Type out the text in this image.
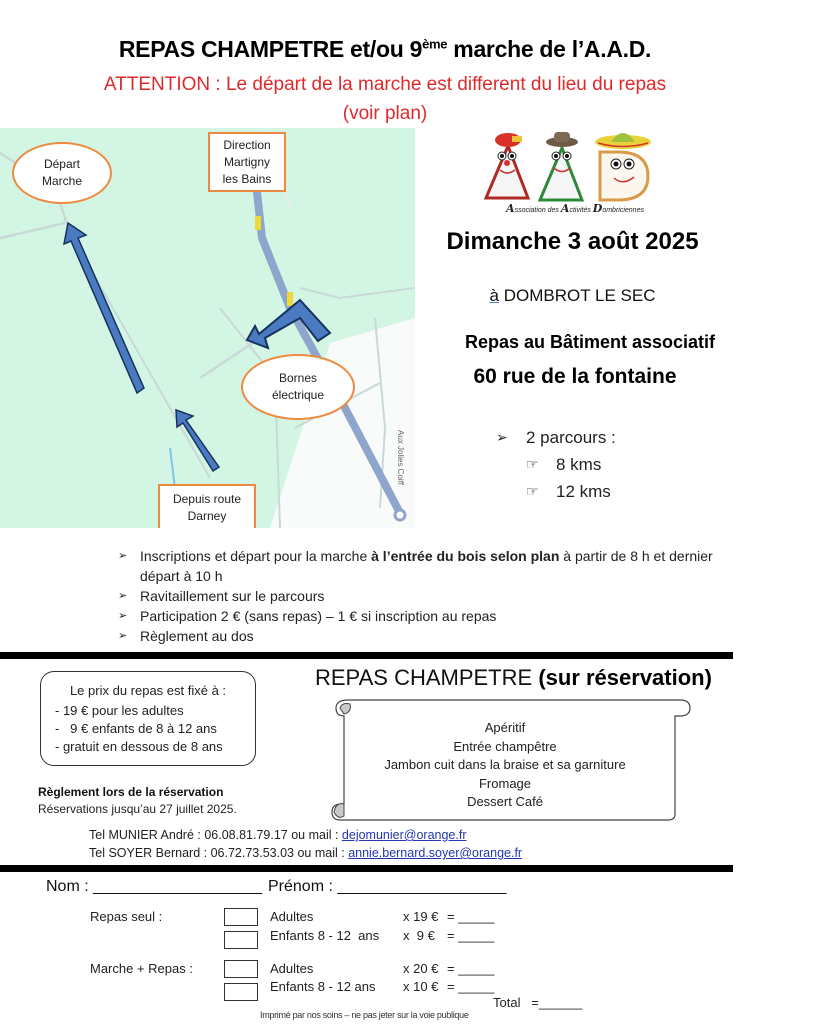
REPAS CHAMPETRE et/ou 9ème marche de l’A.A.D.
ATTENTION : Le départ de la marche est different du lieu du repas
(voir plan)
Départ
Marche
Direction
Martigny
les Bains
Bornes
électrique
Depuis route
Darney
Aux Jolies Coiff
Association des Activités Dombriciennes
Dimanche 3 août 2025
à DOMBROT LE SEC
Repas au Bâtiment associatif
60 rue de la fontaine
➢	2 parcours :
☞	8 kms
☞	12 kms
➢ Inscriptions et départ pour la marche à l’entrée du bois selon plan à partir de 8 h et dernier départ à 10 h
➢ Ravitaillement sur le parcours
➢ Participation 2 € (sans repas) – 1 € si inscription au repas
➢ Règlement au dos
Le prix du repas est fixé à :
- 19 € pour les adultes
-   9 € enfants de 8 à 12 ans
- gratuit en dessous de 8 ans
Règlement lors de la réservation
Réservations jusqu’au 27 juillet 2025.
REPAS CHAMPETRE (sur réservation)
Apéritif
Entrée champêtre
Jambon cuit dans la braise et sa garniture
Fromage
Dessert Café
Tel MUNIER André : 06.08.81.79.17 ou mail : dejomunier@orange.fr
Tel SOYER Bernard : 06.72.73.53.03 ou mail : annie.bernard.soyer@orange.fr
Nom : ___________________ Prénom : ___________________
Repas seul :	Adultes	x 19 € = _____
Enfants 8 - 12  ans x  9 € = _____
Marche + Repas :	Adultes	x 20 € = _____
Enfants 8 - 12 ans x 10 € = _____
Total   =______
Imprimé par nos soins – ne pas jeter sur la voie publique
